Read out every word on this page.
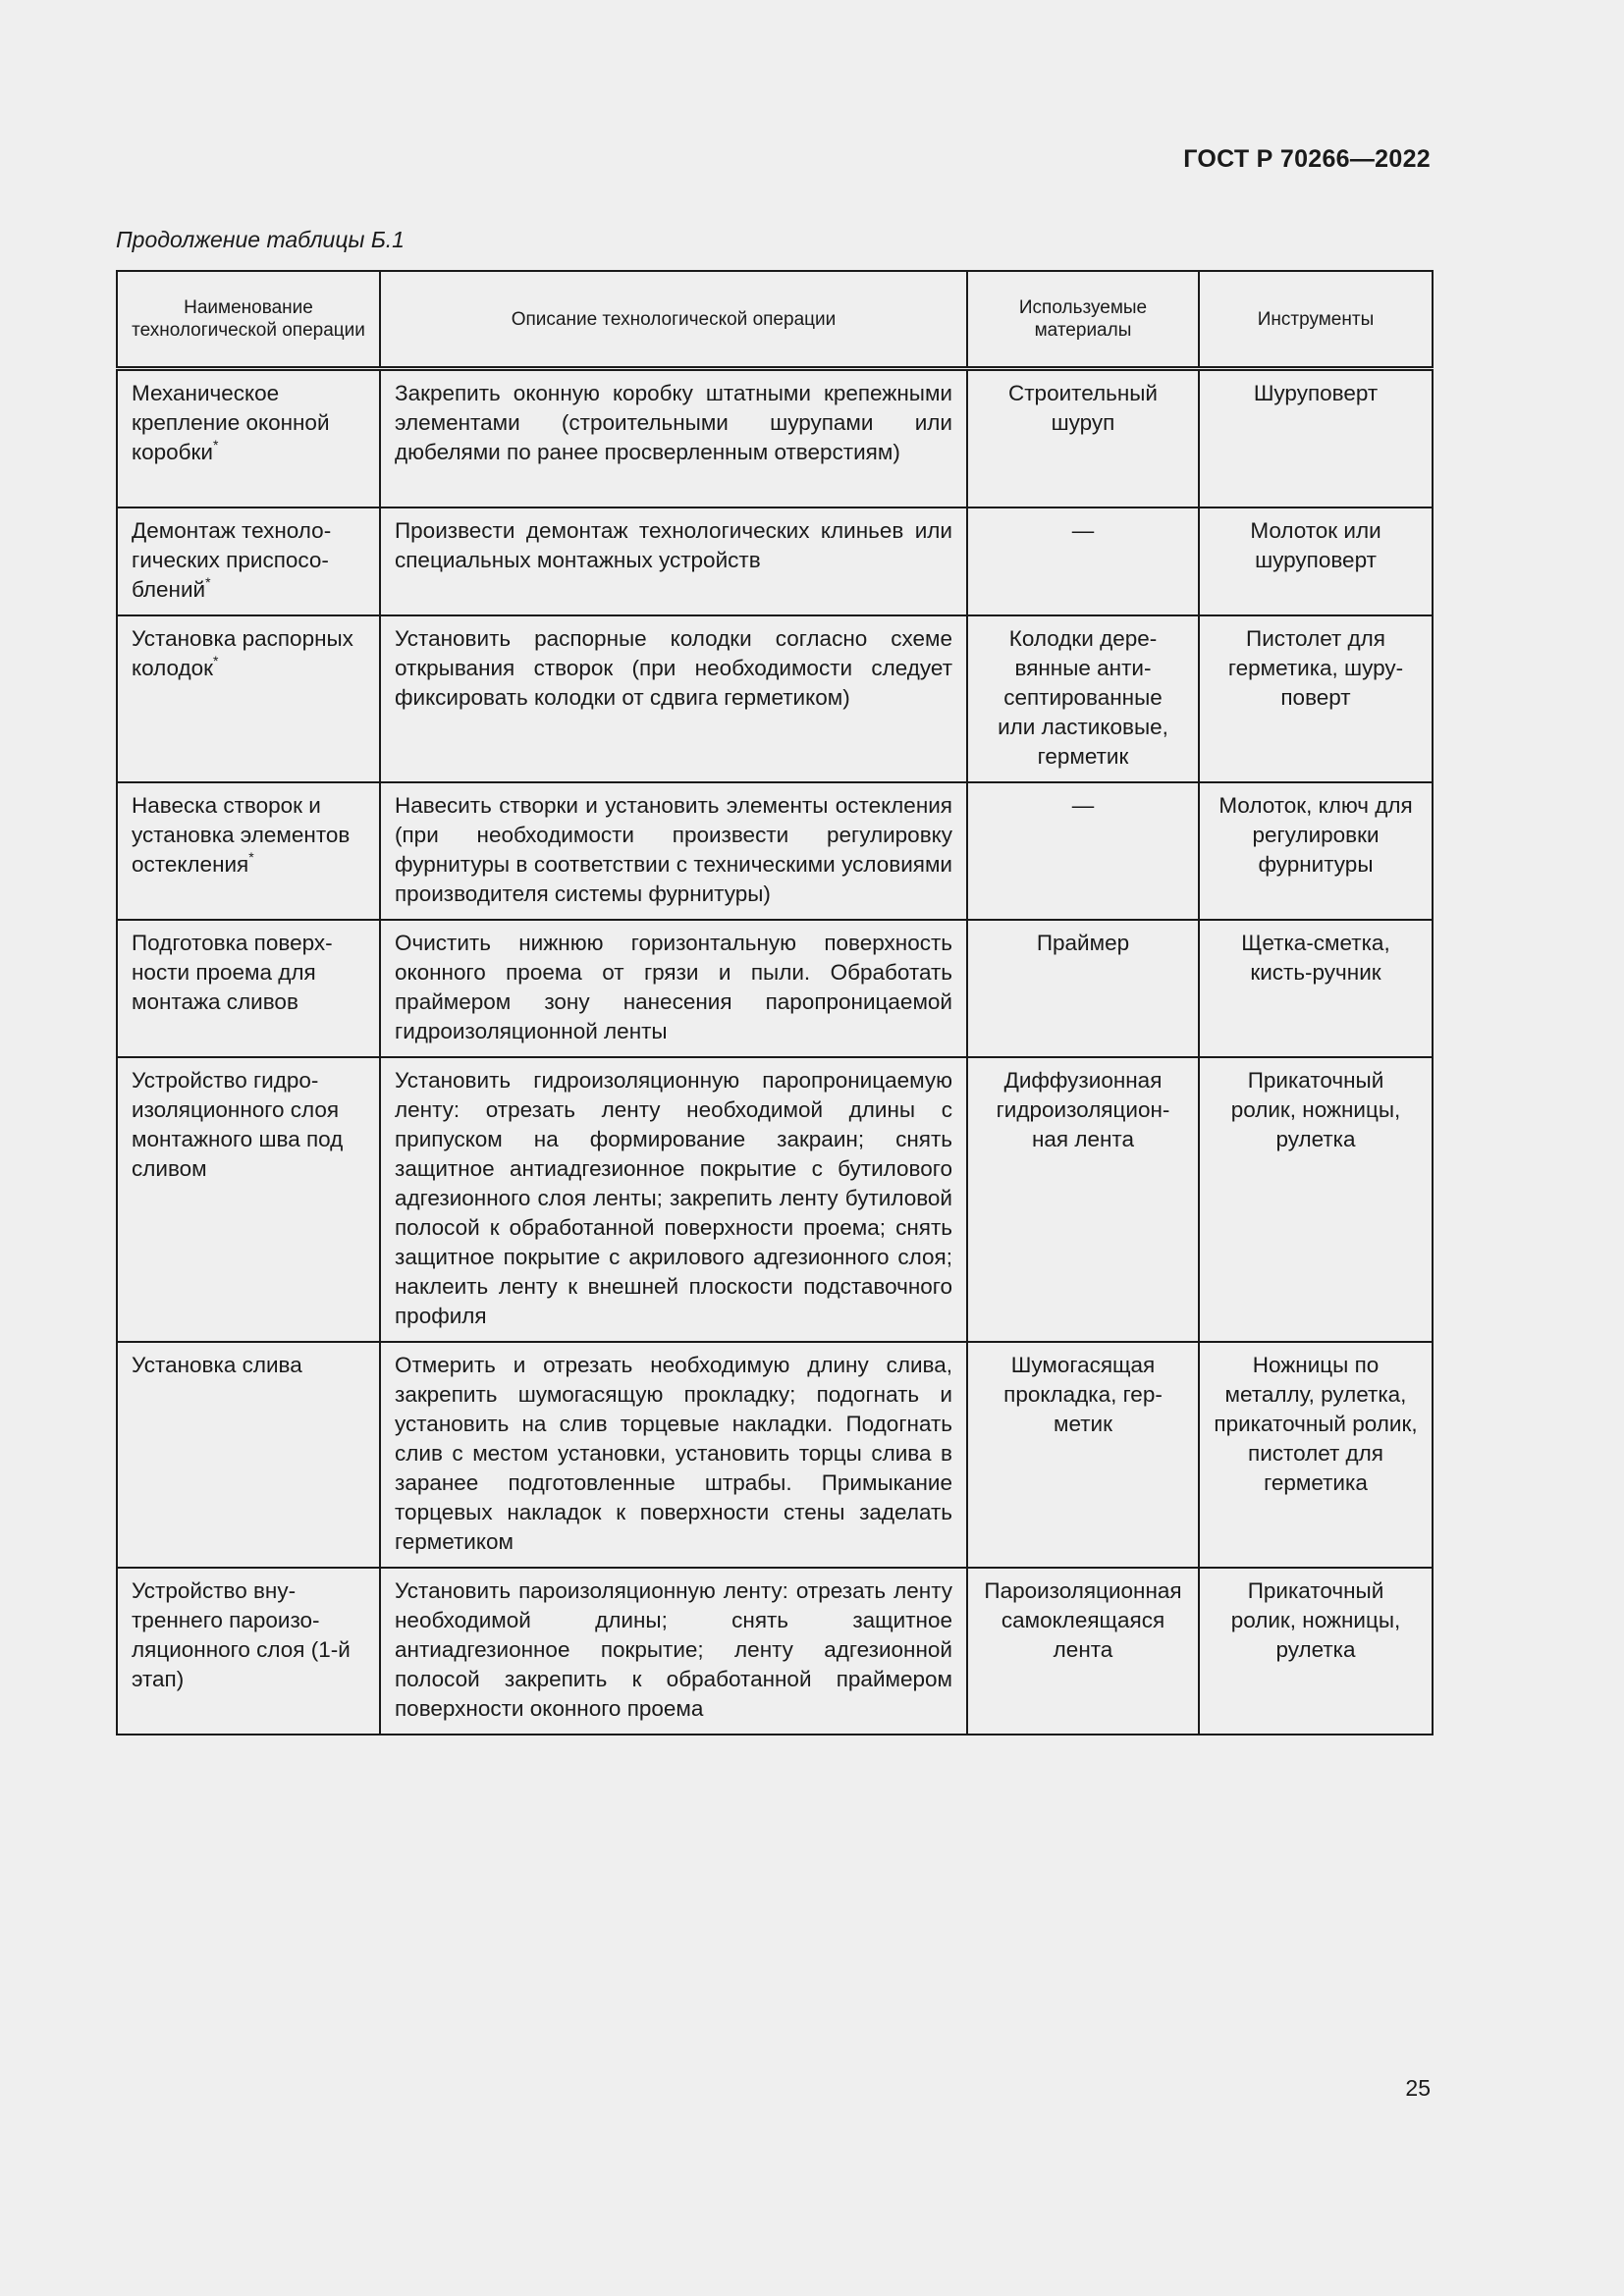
ГОСТ Р 70266—2022
Продолжение таблицы Б.1
Наименование технологической операции	Описание технологической операции	Используемые материалы	Инструменты
Механическое крепление оконной коробки*	Закрепить оконную коробку штатными крепежными элементами (строительными шурупами или дюбелями по ранее просверленным отверстиям)	Строительный шуруп	Шуруповерт
Демонтаж технологических приспособлений*	Произвести демонтаж технологических клиньев или специальных монтажных устройств	—	Молоток или шуруповерт
Установка распорных колодок*	Установить распорные колодки согласно схеме открывания створок (при необходимости следует фиксировать колодки от сдвига герметиком)	Колодки деревянные антисептированные или ластиковые, герметик	Пистолет для герметика, шуруповерт
Навеска створок и установка элементов остекления*	Навесить створки и установить элементы остекления (при необходимости произвести регулировку фурнитуры в соответствии с техническими условиями производителя системы фурнитуры)	—	Молоток, ключ для регулировки фурнитуры
Подготовка поверхности проема для монтажа сливов	Очистить нижнюю горизонтальную поверхность оконного проема от грязи и пыли. Обработать праймером зону нанесения паропроницаемой гидроизоляционной ленты	Праймер	Щетка-сметка, кисть-ручник
Устройство гидроизоляционного слоя монтажного шва под сливом	Установить гидроизоляционную паропроницаемую ленту: отрезать ленту необходимой длины с припуском на формирование закраин; снять защитное антиадгезионное покрытие с бутилового адгезионного слоя ленты; закрепить ленту бутиловой полосой к обработанной поверхности проема; снять защитное покрытие с акрилового адгезионного слоя; наклеить ленту к внешней плоскости подставочного профиля	Диффузионная гидроизоляционная лента	Прикаточный ролик, ножницы, рулетка
Установка слива	Отмерить и отрезать необходимую длину слива, закрепить шумогасящую прокладку; подогнать и установить на слив торцевые накладки. Подогнать слив с местом установки, установить торцы слива в заранее подготовленные штрабы. Примыкание торцевых накладок к поверхности стены заделать герметиком	Шумогасящая прокладка, герметик	Ножницы по металлу, рулетка, прикаточный ролик, пистолет для герметика
Устройство внутреннего пароизоляционного слоя (1-й этап)	Установить пароизоляционную ленту: отрезать ленту необходимой длины; снять защитное антиадгезионное покрытие; ленту адгезионной полосой закрепить к обработанной праймером поверхности оконного проема	Пароизоляционная самоклеящаяся лента	Прикаточный ролик, ножницы, рулетка
25
